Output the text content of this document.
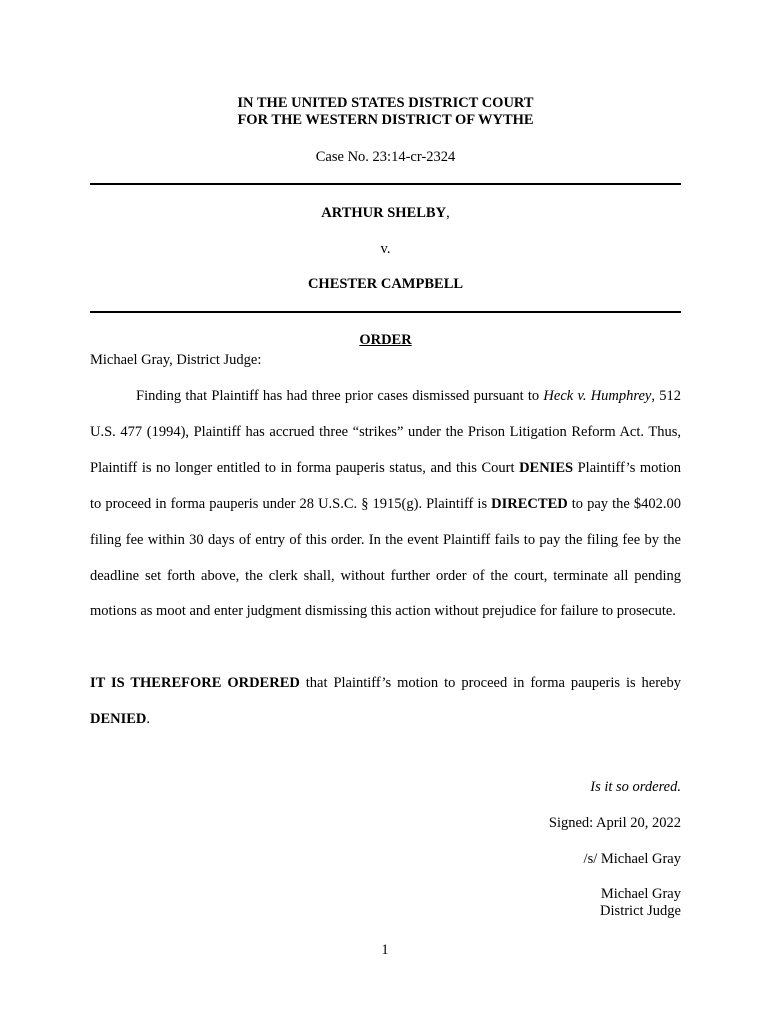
IN THE UNITED STATES DISTRICT COURT
FOR THE WESTERN DISTRICT OF WYTHE
Case No. 23:14-cr-2324
ARTHUR SHELBY,
v.
CHESTER CAMPBELL
ORDER
Michael Gray, District Judge:

Finding that Plaintiff has had three prior cases dismissed pursuant to Heck v. Humphrey, 512 U.S. 477 (1994), Plaintiff has accrued three “strikes” under the Prison Litigation Reform Act. Thus, Plaintiff is no longer entitled to in forma pauperis status, and this Court DENIES Plaintiff’s motion to proceed in forma pauperis under 28 U.S.C. § 1915(g). Plaintiff is DIRECTED to pay the $402.00 filing fee within 30 days of entry of this order. In the event Plaintiff fails to pay the filing fee by the deadline set forth above, the clerk shall, without further order of the court, terminate all pending motions as moot and enter judgment dismissing this action without prejudice for failure to prosecute.

IT IS THEREFORE ORDERED that Plaintiff’s motion to proceed in forma pauperis is hereby DENIED.

Is it so ordered.
Signed: April 20, 2022
/s/ Michael Gray
Michael Gray
District Judge
1
